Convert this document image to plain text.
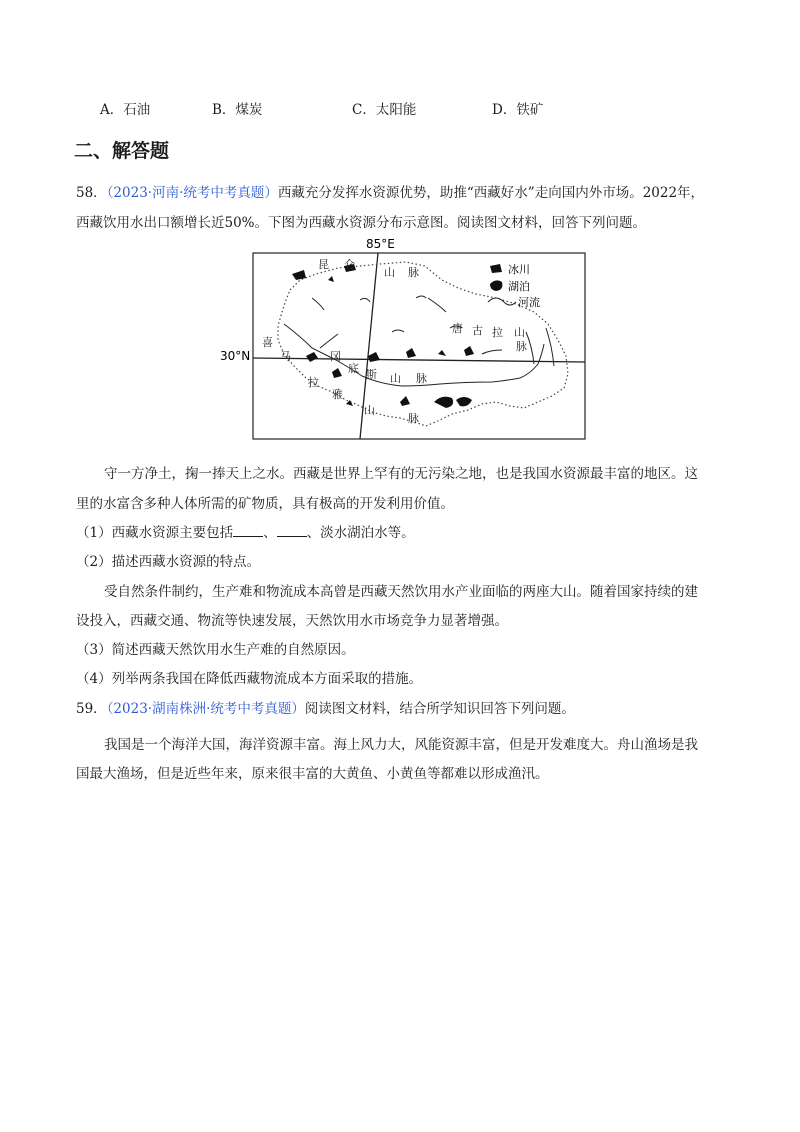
A．石油	B．煤炭	C．太阳能	D．铁矿
二、解答题
58．（2023·河南·统考中考真题）西藏充分发挥水资源优势，助推“西藏好水”走向国内外市场。2022年，
西藏饮用水出口额增长近50%。下图为西藏水资源分布示意图。阅读图文材料，回答下列问题。
85°E
30°N
冰川
湖泊
河流
昆 仑
山 脉
唐 古 拉 山
脉
冈
底 斯 山 脉
喜
马
拉
雅
山
脉
守一方净土，掬一捧天上之水。西藏是世界上罕有的无污染之地，也是我国水资源最丰富的地区。这
里的水富含多种人体所需的矿物质，具有极高的开发利用价值。
（1）西藏水资源主要包括 、 、淡水湖泊水等。
（2）描述西藏水资源的特点。
受自然条件制约，生产难和物流成本高曾是西藏天然饮用水产业面临的两座大山。随着国家持续的建
设投入，西藏交通、物流等快速发展，天然饮用水市场竞争力显著增强。
（3）简述西藏天然饮用水生产难的自然原因。
（4）列举两条我国在降低西藏物流成本方面采取的措施。
59．（2023·湖南株洲·统考中考真题）阅读图文材料，结合所学知识回答下列问题。
我国是一个海洋大国，海洋资源丰富。海上风力大，风能资源丰富，但是开发难度大。舟山渔场是我
国最大渔场，但是近些年来，原来很丰富的大黄鱼、小黄鱼等都难以形成渔汛。
